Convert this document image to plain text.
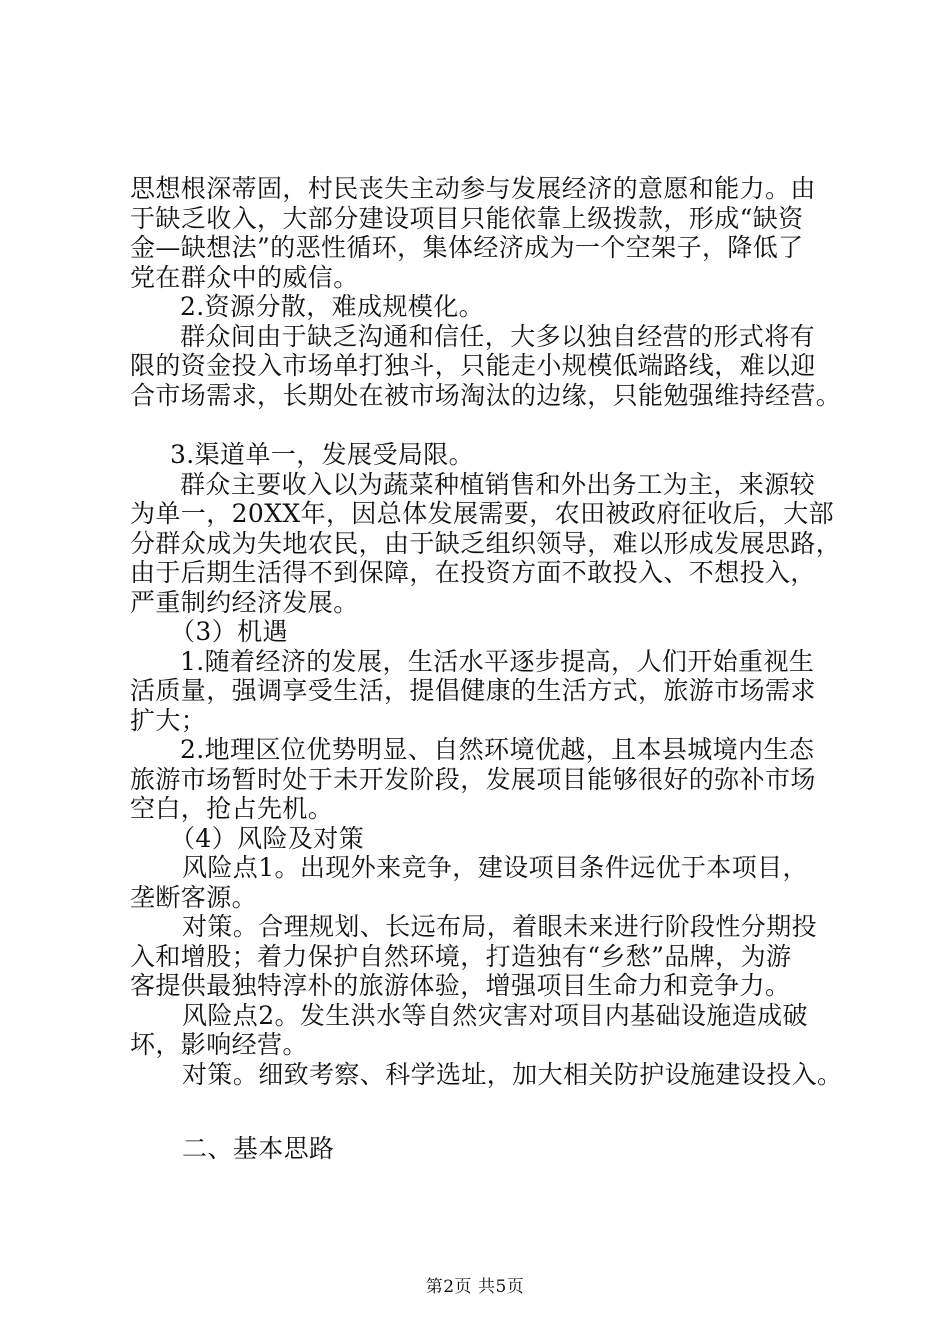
思想根深蒂固，村民丧失主动参与发展经济的意愿和能力。由
于缺乏收入，大部分建设项目只能依靠上级拨款，形成“缺资
金—缺想法”的恶性循环，集体经济成为一个空架子，降低了
党在群众中的威信。
2.资源分散，难成规模化。
群众间由于缺乏沟通和信任，大多以独自经营的形式将有
限的资金投入市场单打独斗，只能走小规模低端路线，难以迎
合市场需求，长期处在被市场淘汰的边缘，只能勉强维持经营。
3.渠道单一，发展受局限。
群众主要收入以为蔬菜种植销售和外出务工为主，来源较
为单一，20XX年，因总体发展需要，农田被政府征收后，大部
分群众成为失地农民，由于缺乏组织领导，难以形成发展思路，
由于后期生活得不到保障，在投资方面不敢投入、不想投入，
严重制约经济发展。
（3）机遇
1.随着经济的发展，生活水平逐步提高，人们开始重视生
活质量，强调享受生活，提倡健康的生活方式，旅游市场需求
扩大；
2.地理区位优势明显、自然环境优越，且本县城境内生态
旅游市场暂时处于未开发阶段，发展项目能够很好的弥补市场
空白，抢占先机。
（4）风险及对策
风险点1。出现外来竞争，建设项目条件远优于本项目，
垄断客源。
对策。合理规划、长远布局，着眼未来进行阶段性分期投
入和增股；着力保护自然环境，打造独有“乡愁”品牌，为游
客提供最独特淳朴的旅游体验，增强项目生命力和竞争力。
风险点2。发生洪水等自然灾害对项目内基础设施造成破
坏，影响经营。
对策。细致考察、科学选址，加大相关防护设施建设投入。
二、基本思路
第2页 共5页
